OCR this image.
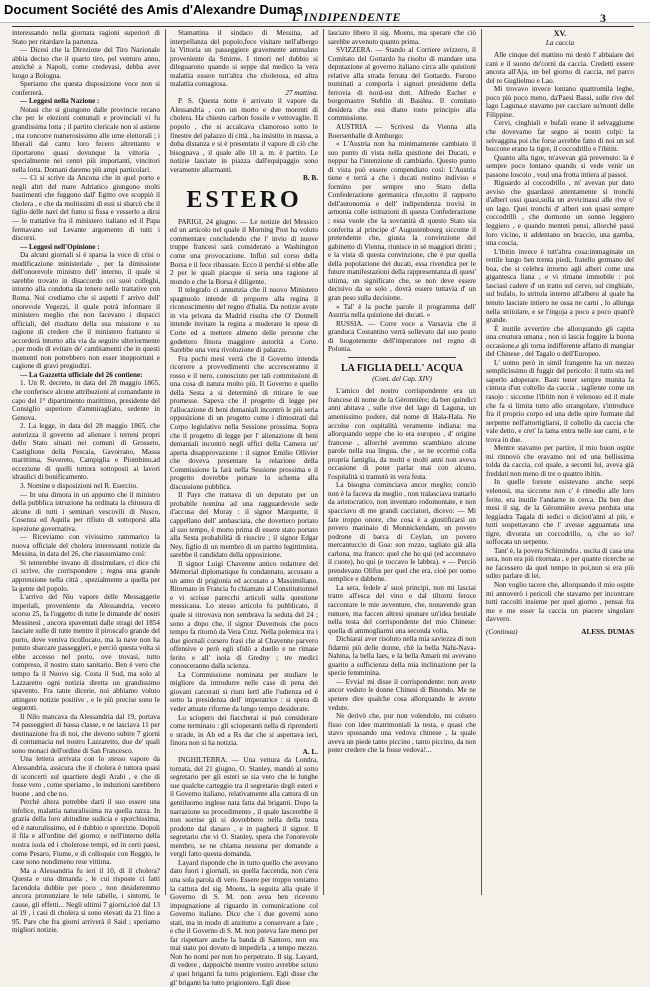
Document Société des Amis d'Alexandre Dumas
L'INDIPENDENTE	3

interessando nella giornata ragioni superiori di Stato per ritardare la partenza.

— Dicesi che la Direzione del Tiro Nazionale abbia deciso che il quarto tiro, pel venturo anno, anziché a Napoli, come credevasi, debba aver luogo a Bologna.

Speriamo che questa disposizione voce non si conferrerà.

— Leggesi nella Nazione :

Notasi che si giungono dalle provincie recano che per le elezioni comunali e provinciali vi fu grandissima lotta ; il partito clericale non si astiene , ma concorre numerosissimo alle urne elettorali ; i liberali dal canto loro fecero altrettanto e riportarono quasi dovunque la vittoria , specialmente nei centri più importanti, vincitori nella lotta. Domani daremo più ampi particolari.

— Ci si scrive da Ancona che in quel porto e negli altri del mare Adriatico giungono molti bastimenti che fuggono dall' Egitto ove scoppiò il cholera , e che da moltissimi di essi si sbarcò che il tiglio delle navi del fumo si fissa e vesserlo a dirsi — le trattative fra il ministero italiano ed il Papa fermavano sul Levante argomento di tutti i discorsi.

— Leggesi nell'Opinione :

Da alcuni giornali si è sparsa la voce di crisi o modificazione ministeriale , per la dimissione dell'onorevole ministro dell' interno, il quale si sarebbe trovato in disaccordo coi suoi colleghi, intorno alla condotta da tenere nelle trattative con Roma. Noi crediamo che si aspetti l' arrivo dell' onorevole Vegezzi, il quale potrà informare il ministero meglio che non facevano i dispacci ufficiali, del risultato della sua missione e su ragione di credere che il ministero frattanto si accorderà intorno alla via da seguire ulteriormente , per modo di evitare de' cambiamenti che in questi momenti non potrebbero non esser inopportuni e cagione di gravi pregiudizi.

— La Gazzetta ufficiale del 26 contiene:

1. Un R. decreto, in data del 28 maggio 1865, che conferisce alcune attribuzioni al comandante in capo del 1° dipartimento marittimo, presidente del Consiglio superiore d'ammiragliato, sedente in Genova.

2. La legge, in data del 28 maggio 1865, che autorizza il governo ad alienare i terreni propri dello Stato situati nei comuni di Grosseto, Castiglione della Pescaia, Gavorrano, Massa marittima, Suvereto, Campiglia e Piombino,ad eccezione di quelli tuttora sottoposti ai lavori idraulici di bonificamento.

3. Nomine e disposizioni nel R. Esercito.

— In una dimora in un appunto che il ministro della pubblica istruzione ha ordinata la chiusura di alcune di tutti i seminari vescovili di Nusco, Cosenza ed Aquila per rifiuto di sottoporsi alla ispezione governativa.

— Riceviamo con vivissimo rammarico la nuova officiale del cholera interessanti notizie da Messina, in data del 26, che riassumiamo così:

Si tenterebbe invano di dissimulare, ci dice chi ci scrive, che corrispondere ; regna una grande apprensione nella città , spezialmente a quella per la gente del popolo.

L'arrivo del Niu vapore delle Messaggerie imperiali, proveniente da Alessandria, vecero scorso 25, fa l'oggetto di tutte le dimande de' nostri Messinesi , ancora spaventati dalle stragi del 1854 lasciate sulle di tutte mentre il piroscafo grande del porto, dove veniva ricollocato, ma la nave non ha potuto sbarcare passeggieri, e perciò questa volta si ebbe accesso nel porto, ove trovasi, tutto compreso, il nostro stato sanitario. Ben è vero che tempo fa il Nuovo sig. Costa il Sud, ma solo al Lazzaretto ogni notizia diretta un grandissimo spavento. Fra tante dicerie, noi abbiamo voluto attingere notizie positive , e le più precise sono le seguenti.

Il Nilo mancava da Alessandria dal 19, portava 74 passeggieri di bassa classe, e ne lasciava 11 per destinazione fra di noi, che devono subire 7 giorni di contumacia nel nostro Lazzaretto, due de' quali sono monaci dell'ordine di San Francesco.

Una lettera arrivata con lo stesso vapore da Alessandria, assicura che il cholera è tuttora quasi di sconcerti sul quartiere degli Arabi , e che di fosse vero , come speriamo , le induzioni sarebbero buone , and che no.

Perchè altera potrebbe darti il suo essere una infelice, malattia naturalissima tra quella razza. In grazia della loro abitudine sudicia e sporchissima, ed è naturalissimo, ed è dubbio e sporcizie. Dopoli il fila e all'ordine del giorno; e nell'interno della nostra isola ed i cholerose tempi, ed in certi paesi, come Pesaro, Fiume, e di colloquio con Reggio, le case sono nondimeno rese vittima.

Ma a Alessandria fu ieri il 10, di il cholera? Questa e una dimanda , le cui risposte ci fatti facendola dubbie per poco , non desideremmo ancora pronunziare le tele tabelle, i sintomi, le cause, gli effetti... Negli ultimi 7 giorni,cioè dal 13 al 19 , i casi di cholera si sono elevati da 21 fino a 95. Pare che fra giorni arriverà il Said ; speriamo migliori notizie.

Stamattina il sindaco di Messina, ad interpellanza del popolo,fece visitare nell'albergo la Vittoria un passeggiere gravemente ammalato proveniente da Smirne. I timori nel dubbio si dileguarono quando si seppe dal medico la vera malattia essere tutt'altra che cholerosa, ed altra malattia contagiosa.

27 mattina.

P. S. Questa notte è arrivato il vapore da Alessandria , con un morto e due morenti di cholera. Ha chiesto carbon fossile e vettovaglie. Il popolo , che si accalcava clamoroso sotto le finestre del palazzo di città , ha insistito in massa, a doba distanza e si è presentato il vapore di ciò che bisognava , il quale alle 10 a. m. è partito. Le notizie lasciate in piazza dall'equipaggio sono veramente allarmanti.

B. B.

ESTERO

PARIGI, 24 giugno. — Le notizie del Messico ed un articolo nel quale il Morning Post ha voluto commentare concludendo che l' invio di nuove truppe francesi sarà considerato a Washington come una provocazione. Influì sul corso della Borsa e il fece ribassare. Ecco il perchè si ebbe alle 2 per le quali piacque sì seria una ragione al mondo e che la Borsa è diligente.

Il telegrafo ci annunzia che il nuovo Ministero spagnuolo intende di proporre alla regina il riconoscimento del regno d'Italia. Da notizie avute in via privata da Madrid risulta che O' Donnell intende invitare la regina a moderare le spese di Corte ed a mettere almeno delle persone che godettero finora maggiore autorità a Corte. Sarebbe una vera rivoluzione di palazzo.

Fra pochi mesi verrà che il Governo intenda ricorrere a provvedimenti che accresceranno il rosso e il nero, conosciuto per tali commissioni di una cosa di natura molto più. Il Governo e quello della Sesta a si determinò di ritirare le sue promesse. Sapeva che il progetto di legge per l'allocazione di beni demaniali incontrò le più seria opposizione di un progetto come i dimostrati dal Corpo legislativo nella Sessione prossima. Sopra che il progetto di legge per l' alienazione di beni demaniali incontrò negli uffici della Camera un' aperta disapprovazione : il signor Emilio Ollivier che doveva presentare la relazione della Commissione la farà nella Sessione prossima e il progetto dovrebbe portare lo schema alla discussione pubblica.

Il Pays che trattava di un deputato per un probabile nomina ad una ragguardevole sede d'accusa del Moray : il signor Marquette, il cappellano dell' ambasciata, che dovettero portato al suo tempo, è morto prima di essere stato portato alla Sesta probabilità di riuscire ; il signor Edgar Ney, figlio di un membro di un partito legittimista, sarebbe il candidato della opposizione.

Il signor Luigi Chavenne antico redattore del Mémorial diplomatique fu condannato, accusato a un anno di prigionia ed accusato a Massimiliano. Ritornato in Francia fu chiamato al Constitutionnel e vi scrisse parecchi articoli sulla questione messicana. Lo stesso articolo fu pubblicato, il quale si ritrovava non sembrava la seduta del 24 ; sono a dopo che, il signor Duvernois che poco tempo fa ritornò da Vera Cruz. Nella polemica tra i due giornali corsero frasi che al Chavenne parvero offensive e però egli sfidò a duello e ne rimase ferito e all' isola di Gredny ; tre medici conosceranno dalla scienza.

La Commissione nominata per studiare le migliore da introdurre nelle case di pena dei giovani carcerati si riunì lertl alle l'udienza ed è sotto la presidenza dell' imperatrice : si spera di veder attuate riforme da lungo tempo desiderate.

Lo sciopero dei fiaccherai si può considerare come terminato : gli scioperanti nella di riprenderti e strade, in Ah ed a Rs dar che si aspettava ieri, finora non si ha notizia.

A. L.

INGHILTERRA. — Una vettura da Londra, tornata, del 21 giugno, O. Stanley, mandò al sotto segretario per gli esteri se sia vero che le lunghe sue qualche carteggio tra il segretario degli esteri e il Governo italiano, relativamente alla cattura di un gentiluomo inglese nata fatta dai briganti. Dopo la narrazione su procedimento , il quale lascerebbe il non sorrise gli si dovrebbero nella della testa prodotte dal danaro , e in pagherà il signor. Il segretario che vi O. Stanley, spera che l'onorevole membro, se ne chiama nessuna per domande a vergli fatto questa domanda.

Layard risponde che in tutto quello che avevano dato fuori i giornali, su quella faccenda, non c'era una sola parola di vero. Essere per troppo veniamo la cattura del sig. Moens, la seguita alla quale il Governo di S. M. non avea ben ricevuto impugnazione al riguardo in comunicazione col Governo italiano. Dice che i due governi sono stati, ma in modo di anzitutto a conservare a fare , e che il Governo di S. M. non poteva fare meno per far rispettare anche la banda di Santoro, non era mai stato poi dovuto di impedirla , a tempo mezzo. Non ho nomi per non ho perpetrato. Il sig. Layard, di vedere , dappoichè mentre vostro avrebbe sciuto a' quei briganti fa tutto prigioniero. Egli disse che gl' briganti ha tutto prigioniero. Egli disse

lasciato libero il sig. Moens, ma sperare che ciò sarebbe avvenuto quanto prima.

SVIZZERA. — Stando al Corriere svizzero, il Comitato del Gottardo ha risolto di mandare una deputazione al governo italiano circa alle quistioni relative alla strada ferrata del Gottardo. Furono nominati a comporla i signori presidente della ferrovia di nord-est dott. Alfredo Escher e borgomastro Stehlin di Basilea. Il comitato desidera che essi diano tosto principio alla commissione.

AUSTRIA — Scrivesi da Vienna alla Boersenhalle di Amburgo:

« L'Austria non ha minimamente cambiato il suo punto di vista nella quistione dei Ducati, e neppur ha l'intenzione di cambiarlo. Questo punto di vista può essere compendiato così: L'Austria tiene e terrà a che i ducati restino indiviso e formino per sempre uno Stato della Confederazione germanica che,sotto il rapporto dell'autonomia e dell' indipendenza trovisi in armonia colle istituzioni di questa Confederazione ; essa vuole che la sovranità di questo Stato sia conferita al principe d' Augustenbourg siccome il pretendente che, giusta la convinzione del gabinetto di Vienna, riunisce in sè maggiori diritti ; e la vista di questa convinzione, che è pur quella della popolazione dei ducati, essa rivendica per le future manifestazioni della rappresentanza di quest' ultima, un significato che, se non deve essere decisivo da se solo , dovrà essere tuttavia d' un gran peso sulla decisione.

« Tal' è la poche parole il programma dell' Austria nella quistione dei ducati. »

RUSSIA. — Corre voce a Varsavia che il granduca Costantino verrà sollevato dal suo posto di luogotenente dell'imperatore nel regno di Polonia.

LA FIGLIA DELL' ACQUA
(Cont. del Cap. XIV)

L'amico del nostro corrispondente era un francese di nome de la Gèronnière; da ben quindici anni abitava , sulle rive del lago di Laguna, un amenissimo podere, dal nome di Hala-Hala. Ne accolse con ospitalità veramente indiana: ma allorquando seppe che io era europeo , d' origine francese , allorchè avemmo scambiato alcune parole nella sua lingua, che , se ne eccettui colla propria famiglia, da molti e molti anni non aveva occasione di poter parlar mai con alcuno, l'ospitalità si tramutò in vera festa.

La bisogna cominciava ancor meglio; conciò non è la faceva da meglio , non tralasciava trattarlo da aristocratico, non inventato rodomontate, e non spacciavo di me grandi cacciatori, dicevo: — Mi fate troppo onore, che cosa è a giustificarsi un povero marinaio di Monnickendam, un povero podrone di barca di Ceylan, un povero mercantuccio di Goa: son rozzo, tagliato già alla carlona, ma franco: quel che ho qui (ed accennavo il cuore), ho qui (e toccavo le labbra). » — Perciò prendevano Olifus per quel che era, cioè per uomo semplice e dabbene.

La sera, fedele a' suoi principi, non mi lasciai tratre all'esca del vino e dal tiltorni feroce raccontare le mie avventure, che, nonavendo gran rumore, ma faccen altresi spunare un'idea bestiale nella testa del corrispondente del mio Chinese: quella di ammogliarmi una seconda volta.

Dichiarai aver risoluto nella mia saviezza di non fidarmi più delle donne, chè la bella Nahi-Nava-Nahina, la bella Iaes, e la bella Amarù mi avevano guarito a sufficienza della mia inclinazione per la specie femminina.

— Evvia! mi disse il corrispondente: non avete ancor veduto le donne Chinesi di Binondo. Me ne spetere dire qualche cosa allorquando le avrete vedute.

Ne derivò che, pur non volendolo, mi colsero fisso con idee matrimoniali la testa, e quasi che stavo spossando una vedova chinese , la quale aveva un piede tanto piccino , tanto piccino, da non poter credere che la fosse vedova!...

XV.
La caccia

Alle cinque del mattino mi destò l' abbaiare dei cani e il suono de'corni da caccia. Credetti essere ancora all'Aja, un bel giorno di caccia, nel parco del re Guglielmo e Lao.

Mi trovavo invece lontano quattromila leghe, poco più poco meno, da'Paesi Bassi, sulle rive del lago Laguna,e stavamo per cacciare su'monti delle Filippine.

Cervi, cinghiali e bufali erano il selvaggiume che dovevamo far segno ai nostri colpi: la selvaggina poi che forse avrebbe fatto di noi un sol boccone erano la tigre, il coccodrillo e l'ibitin.

Quanto alla tigre, m'avevan già prevenuto: la è sempre poco lontano quando si vede venir un passone loscoio , voul una frotta intiera al passoi.

Riguardo al coccodrillo , m' avevan pur dato avviso che guardassi attentamente sì tronchi d'alberi ossi quasi,sulla un avvicinassi alle rive o' un lago. Quei tronchi d' alberi son quasi sempre coccodrilli , che dormono un sonno leggiero leggiero , e quando menteti pensi, allorchè passi loro vicino, ti addentano un braccio, una gamba, una coscia,

L'ibitin invece è tutt'altra cosa:immaginate un rettile lungo ben trenta piedi, fratello germano del boa, che si celebra intorno agli alberi come una gigantesca liana , e vi rimane immobile : poi lasciasi cadere d' un tratto sul cervo, sul cinghiale, sul bufalo, lo stritola interno all'albero al quale ha tenuto lasciate intiero ne ossa ne carni , lo allunga nella stritolare, e se l'ingoja a poco a poco quant'è grande.

È inutile avvertire che allorquando gli capita una creatura umana , non si lascia foggire la buona occasione,e gli torna indifferente affatto di mangiar del Chinese , del Tagalo o dell'Europeo.

L' uomo però in simil frangente ha un mezzo semplicissimo di fuggir del pericolo: il tutto sta nel saperlo adoperare. Basti tener sempre munita la cintura d'un coltello da caccia , tagliente come un rasojo : siccome l'ibitin non è velenoso ed il male che fa si limita tutto allo strangolare, s'introduce fra il proprio corpo ed una delle spire formate dal serpente nell'attortigliarsi, il coltello da caccia che vale detto, e cret' la lama entra nelle sue carni, e le trova in due.

Mentre stavamo per partire, il mio buon ospite mi rinnovò che eravamo noi ed una bellissima tolda da caccia, col quale, a seconti lui, aveva già freddati non meno di tre o quattro ibitin.

In quelle foreste esistevano anche serpi velenosi, ma siccome non c' è rimedio alle loro ferite, era inutile l'andarne in cerca. Da ben due mesi il sig. de la Gèronnière aveva perduta una leggiadra Tagala di sedici o dicioti'anni al più, e tutti sospettavano che l' avesse agguantata una tigre, divorata un coccodrillo, o, che so io? soffocata un serpente.

Tant' è, la povera Schimindra , uscita di casa una sera, non era più ritornata , e per quante ricerche se ne facessero da quel tempo in poi,non si era più udito parlare di lei.

Non voglio tacere che, allorquando il mio ospite mi annoverò i pericoli che stavamo per incontrare tutti raccolti insieme per quel giorno , pensai fra me e me esser la caccia un piacere singolare davvero.

(Continua)	ALESS. DUMAS
